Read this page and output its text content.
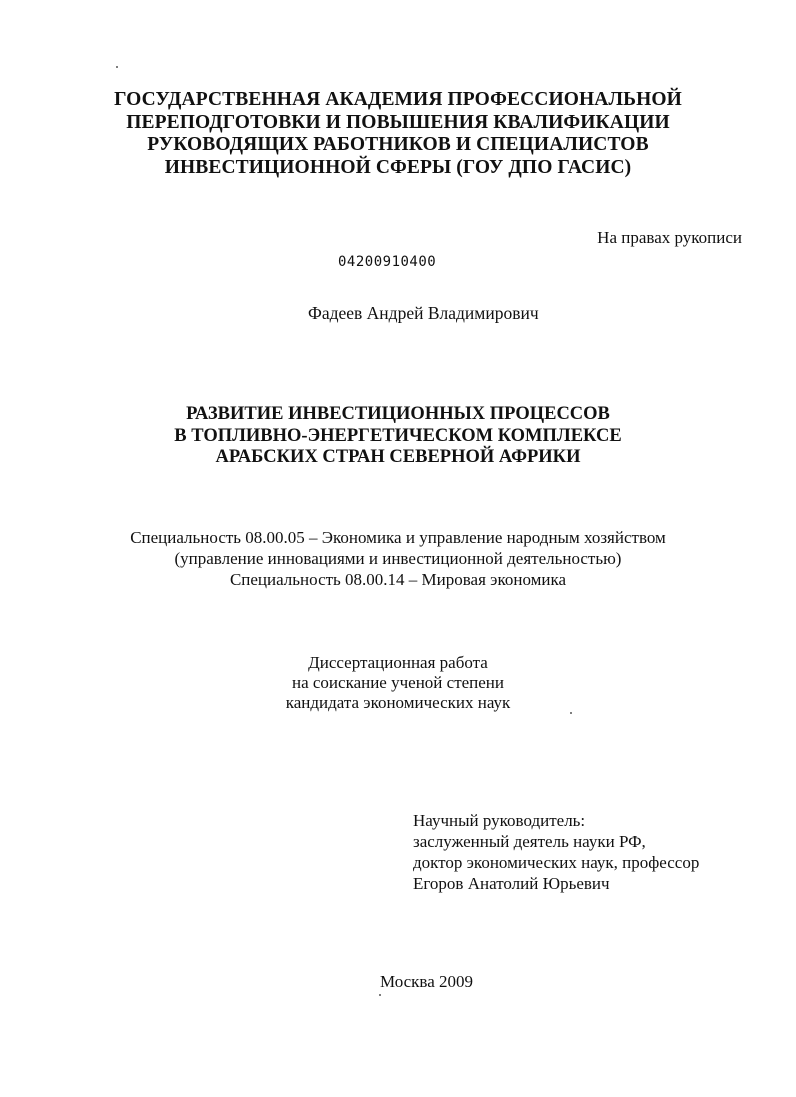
ГОСУДАРСТВЕННАЯ АКАДЕМИЯ ПРОФЕССИОНАЛЬНОЙ
ПЕРЕПОДГОТОВКИ И ПОВЫШЕНИЯ КВАЛИФИКАЦИИ
РУКОВОДЯЩИХ РАБОТНИКОВ И СПЕЦИАЛИСТОВ
ИНВЕСТИЦИОННОЙ СФЕРЫ (ГОУ ДПО ГАСИС)
На правах рукописи
04200910400
Фадеев Андрей Владимирович
РАЗВИТИЕ ИНВЕСТИЦИОННЫХ ПРОЦЕССОВ
В ТОПЛИВНО-ЭНЕРГЕТИЧЕСКОМ КОМПЛЕКСЕ
АРАБСКИХ СТРАН СЕВЕРНОЙ АФРИКИ
Специальность 08.00.05 – Экономика и управление народным хозяйством
(управление инновациями и инвестиционной деятельностью)
Специальность 08.00.14 – Мировая экономика
Диссертационная работа
на соискание ученой степени
кандидата экономических наук
Научный руководитель:
заслуженный деятель науки РФ,
доктор экономических наук, профессор
Егоров Анатолий Юрьевич
Москва 2009
